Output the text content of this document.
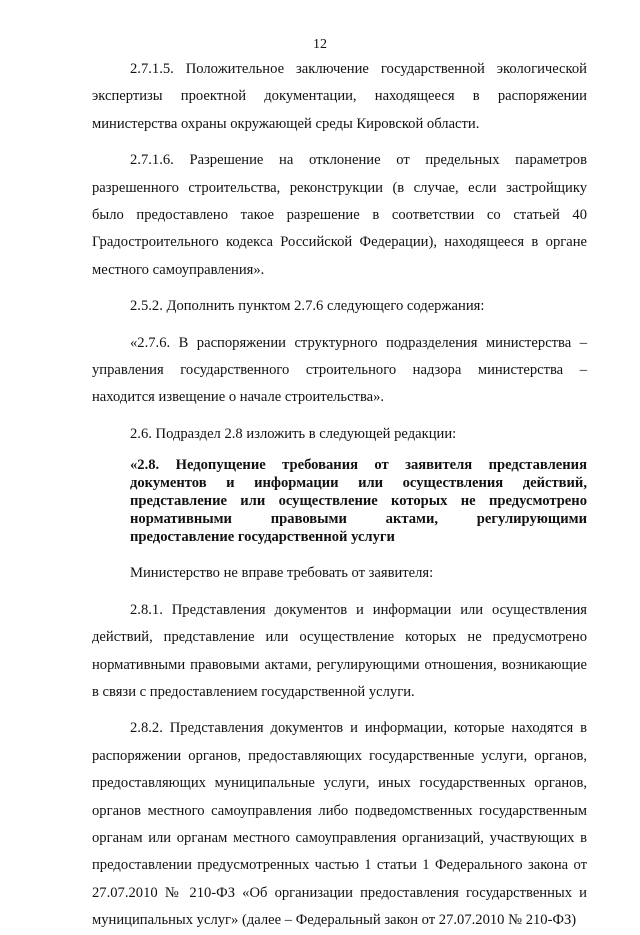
12

2.7.1.5. Положительное заключение государственной экологической экспертизы проектной документации, находящееся в распоряжении министерства охраны окружающей среды Кировской области.

2.7.1.6. Разрешение на отклонение от предельных параметров разрешенного строительства, реконструкции (в случае, если застройщику было предоставлено такое разрешение в соответствии со статьей 40 Градостроительного кодекса Российской Федерации), находящееся в органе местного самоуправления».

2.5.2. Дополнить пунктом 2.7.6 следующего содержания:

«2.7.6. В распоряжении структурного подразделения министерства – управления государственного строительного надзора министерства – находится извещение о начале строительства».

2.6. Подраздел 2.8 изложить в следующей редакции:

«2.8. Недопущение требования от заявителя представления документов и информации или осуществления действий, представление или осуществление которых не предусмотрено нормативными правовыми актами, регулирующими предоставление государственной услуги

Министерство не вправе требовать от заявителя:

2.8.1. Представления документов и информации или осуществления действий, представление или осуществление которых не предусмотрено нормативными правовыми актами, регулирующими отношения, возникающие в связи с предоставлением государственной услуги.

2.8.2. Представления документов и информации, которые находятся в распоряжении органов, предоставляющих государственные услуги, органов, предоставляющих муниципальные услуги, иных государственных органов, органов местного самоуправления либо подведомственных государственным органам или органам местного самоуправления организаций, участвующих в предоставлении предусмотренных частью 1 статьи 1 Федерального закона от 27.07.2010 № 210-ФЗ «Об организации предоставления государственных и муниципальных услуг» (далее – Федеральный закон от 27.07.2010 № 210-ФЗ)
